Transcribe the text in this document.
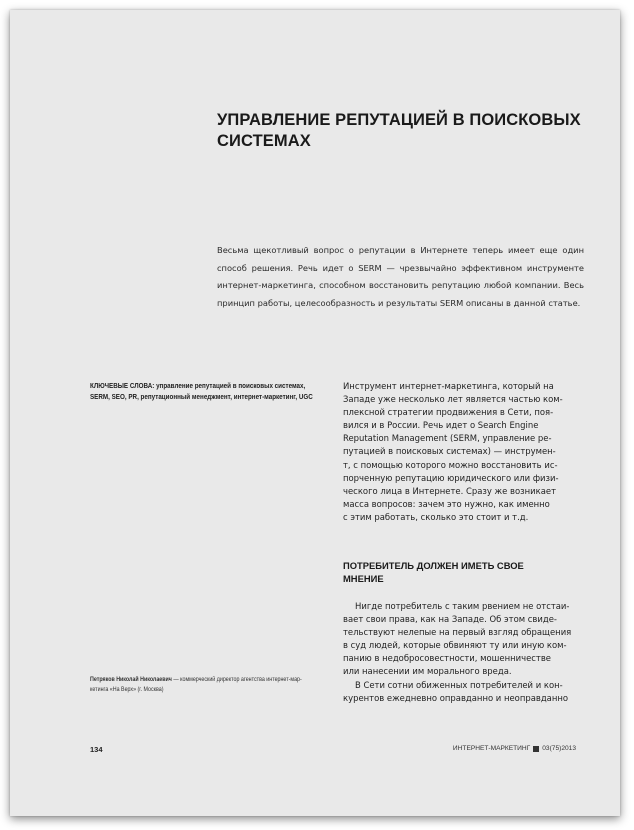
УПРАВЛЕНИЕ РЕПУТАЦИЕЙ В ПОИСКОВЫХ
СИСТЕМАХ
Весьма щекотливый вопрос о репутации в Интернете теперь имеет еще один способ решения. Речь идет о SERM — чрезвычайно эффективном инструменте интернет-маркетинга, способном восстановить репутацию любой компании. Весь принцип работы, целесообразность и результаты SERM описаны в данной статье.
КЛЮЧЕВЫЕ СЛОВА: управление репутацией в поисковых системах, SERM, SEO, PR, репутационный менеджмент, интернет-маркетинг, UGC

Инструмент интернет-маркетинга, который на
Западе уже несколько лет является частью ком-
плексной стратегии продвижения в Сети, поя-
вился и в России. Речь идет о Search Engine
Reputation Management (SERM, управление ре-
путацией в поисковых системах) — инструмен-
т, с помощью которого можно восстановить ис-
порченную репутацию юридического или физи-
ческого лица в Интернете. Сразу же возникает
масса вопросов: зачем это нужно, как именно
с этим работать, сколько это стоит и т.д.

ПОТРЕБИТЕЛЬ ДОЛЖЕН ИМЕТЬ СВОЕ
МНЕНИЕ

Нигде потребитель с таким рвением не отстаи-
вает свои права, как на Западе. Об этом свиде-
тельствуют нелепые на первый взгляд обращения
в суд людей, которые обвиняют ту или иную ком-
панию в недобросовестности, мошенничестве
или нанесении им морального вреда.

В Сети сотни обиженных потребителей и кон-
курентов ежедневно оправданно и неоправданно

Петряков Николай Николаевич — коммерческий директор агентства интернет-мар-
кетинга «На Верх» (г. Москва)
134	ИНТЕРНЕТ-МАРКЕТИНГ 03(75)2013
